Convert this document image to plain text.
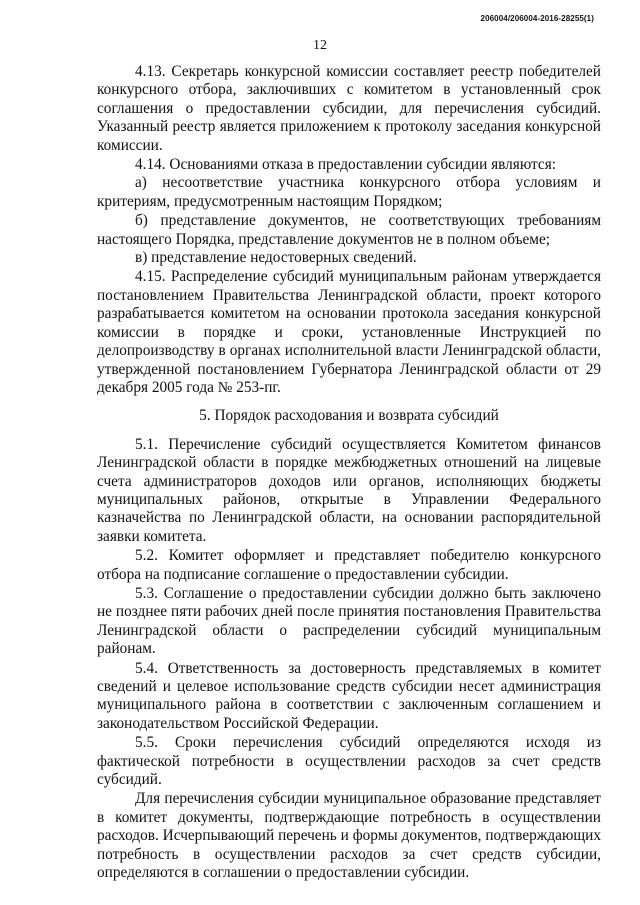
206004/206004-2016-28255(1)
12

4.13. Секретарь конкурсной комиссии составляет реестр победителей конкурсного отбора, заключивших с комитетом в установленный срок соглашения о предоставлении субсидии, для перечисления субсидий. Указанный реестр является приложением к протоколу заседания конкурсной комиссии.

4.14. Основаниями отказа в предоставлении субсидии являются:

а) несоответствие участника конкурсного отбора условиям и критериям, предусмотренным настоящим Порядком;

б) представление документов, не соответствующих требованиям настоящего Порядка, представление документов не в полном объеме;

в) представление недостоверных сведений.

4.15. Распределение субсидий муниципальным районам утверждается постановлением Правительства Ленинградской области, проект которого разрабатывается комитетом на основании протокола заседания конкурсной комиссии в порядке и сроки, установленные Инструкцией по делопроизводству в органах исполнительной власти Ленинградской области, утвержденной постановлением Губернатора Ленинградской области от 29 декабря 2005 года № 253-пг.

5. Порядок расходования и возврата субсидий

5.1. Перечисление субсидий осуществляется Комитетом финансов Ленинградской области в порядке межбюджетных отношений на лицевые счета администраторов доходов или органов, исполняющих бюджеты муниципальных районов, открытые в Управлении Федерального казначейства по Ленинградской области, на основании распорядительной заявки комитета.

5.2. Комитет оформляет и представляет победителю конкурсного отбора на подписание соглашение о предоставлении субсидии.

5.3. Соглашение о предоставлении субсидии должно быть заключено не позднее пяти рабочих дней после принятия постановления Правительства Ленинградской области о распределении субсидий муниципальным районам.

5.4. Ответственность за достоверность представляемых в комитет сведений и целевое использование средств субсидии несет администрация муниципального района в соответствии с заключенным соглашением и законодательством Российской Федерации.

5.5. Сроки перечисления субсидий определяются исходя из фактической потребности в осуществлении расходов за счет средств субсидий.

Для перечисления субсидии муниципальное образование представляет в комитет документы, подтверждающие потребность в осуществлении расходов. Исчерпывающий перечень и формы документов, подтверждающих потребность в осуществлении расходов за счет средств субсидии, определяются в соглашении о предоставлении субсидии.
